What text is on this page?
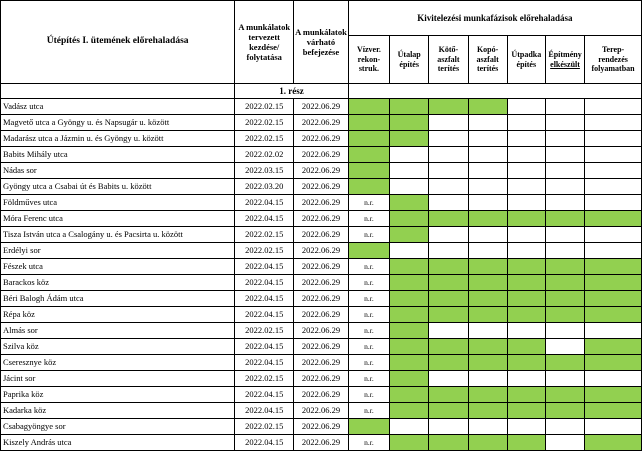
Útépítés I. ütemének előrehaladása	A munkálatok tervezett kezdése/ folytatása	A munkálatok várható befejezése	Kivitelezési munkafázisok előrehaladása						
			Vízver.
rekon-
struk.	Útalap
építés	Kötő-
aszfalt
terítés	Kopó-
aszfalt
terítés	Útpadka
építés	Építmény
elkészült	Terep-
rendezés
folyamatban
	1. rész								
Vadász utca	2022.02.15	2022.06.29							
Magvető utca a Gyöngy u. és Napsugár u. között	2022.02.15	2022.06.29							
Madarász utca a Jázmin u. és Gyöngy u. között	2022.02.15	2022.06.29							
Babits Mihály utca	2022.02.02	2022.06.29							
Nádas sor	2022.03.15	2022.06.29							
Gyöngy utca a Csabai út és Babits u. között	2022.03.20	2022.06.29							
Földműves utca	2022.04.15	2022.06.29	n.r.						
Móra Ferenc utca	2022.04.15	2022.06.29	n.r.						
Tisza István utca a Csalogány u. és Pacsirta u. között	2022.02.15	2022.06.29	n.r.						
Erdélyi sor	2022.02.15	2022.06.29							
Fészek utca	2022.04.15	2022.06.29	n.r.						
Barackos köz	2022.04.15	2022.06.29	n.r.						
Béri Balogh Ádám utca	2022.04.15	2022.06.29	n.r.						
Répa köz	2022.04.15	2022.06.29	n.r.						
Almás sor	2022.02.15	2022.06.29	n.r.						
Szilva köz	2022.04.15	2022.06.29	n.r.						
Cseresznye köz	2022.04.15	2022.06.29	n.r.						
Jácint sor	2022.02.15	2022.06.29	n.r.						
Paprika köz	2022.04.15	2022.06.29	n.r.						
Kadarka köz	2022.04.15	2022.06.29	n.r.						
Csabagyöngye sor	2022.02.15	2022.06.29							
Kiszely András utca	2022.04.15	2022.06.29	n.r.						
